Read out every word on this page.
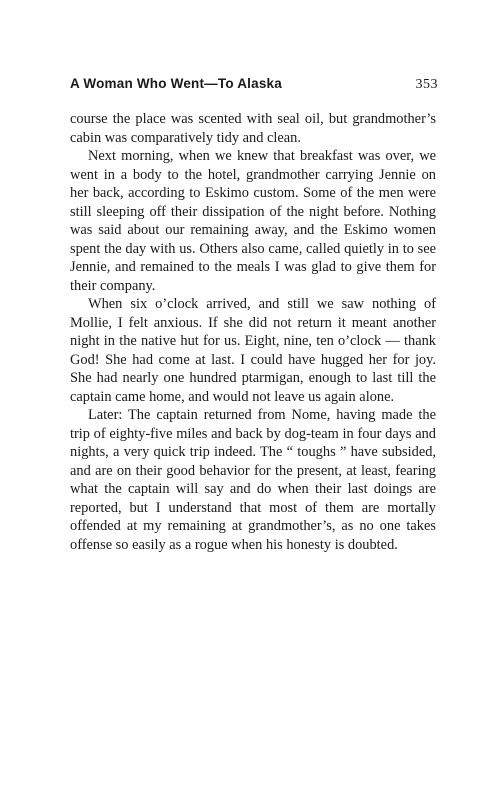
A Woman Who Went—To Alaska	353

course the place was scented with seal oil, but grandmother’s cabin was comparatively tidy and clean.

Next morning, when we knew that breakfast was over, we went in a body to the hotel, grandmother carrying Jennie on her back, according to Eskimo custom. Some of the men were still sleeping off their dissipation of the night before. Nothing was said about our remaining away, and the Eskimo women spent the day with us. Others also came, called quietly in to see Jennie, and remained to the meals I was glad to give them for their company.

When six o’clock arrived, and still we saw nothing of Mollie, I felt anxious. If she did not return it meant another night in the native hut for us. Eight, nine, ten o’clock — thank God! She had come at last. I could have hugged her for joy. She had nearly one hundred ptarmigan, enough to last till the captain came home, and would not leave us again alone.

Later: The captain returned from Nome, having made the trip of eighty-five miles and back by dog-team in four days and nights, a very quick trip indeed. The “ toughs ” have subsided, and are on their good behavior for the present, at least, fearing what the captain will say and do when their last doings are reported, but I understand that most of them are mortally offended at my remaining at grandmother’s, as no one takes offense so easily as a rogue when his honesty is doubted.
